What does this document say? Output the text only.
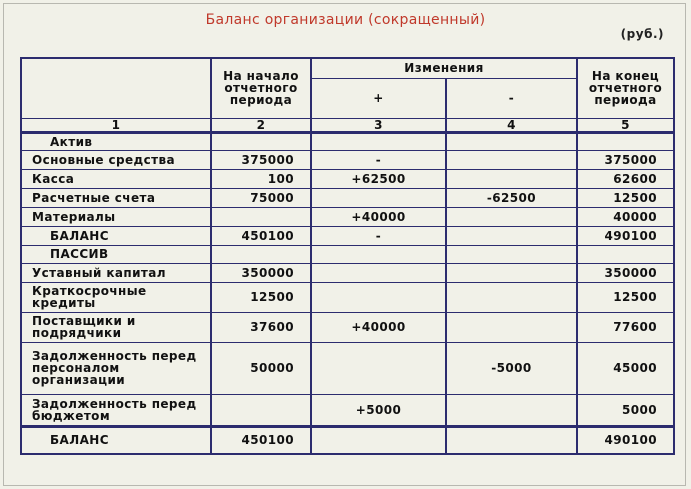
Баланс организации (сокращенный)
(руб.)
	На начало отчетного периода	Изменения		На конец отчетного периода
		+	-	
1	2	3	4	5
Актив				
Основные средства	375000	-		375000
Касса	100	+62500		62600
Расчетные счета	75000		-62500	12500
Материалы		+40000		40000
БАЛАНС	450100	-		490100
ПАССИВ				
Уставный капитал	350000			350000
Краткосрочные кредиты	12500			12500
Поставщики и подрядчики	37600	+40000		77600
Задолженность перед персоналом организации	50000		-5000	45000
Задолженность перед бюджетом		+5000		5000
БАЛАНС	450100			490100
